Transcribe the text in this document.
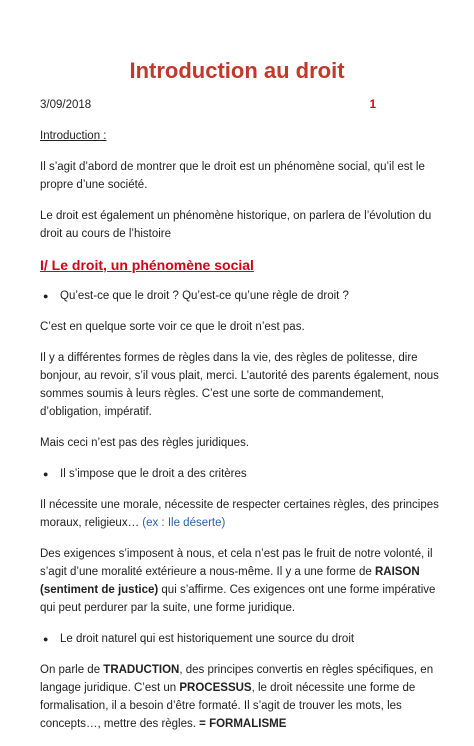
Introduction au droit
3/09/2018	1

Introduction :

Il s’agit d’abord de montrer que le droit est un phénomène social, qu’il est le propre d’une société.

Le droit est également un phénomène historique, on parlera de l’évolution du droit au cours de l’histoire

I/ Le droit, un phénomène social
● Qu’est-ce que le droit ? Qu’est-ce qu’une règle de droit ?

C’est en quelque sorte voir ce que le droit n’est pas.

Il y a différentes formes de règles dans la vie, des règles de politesse, dire bonjour, au revoir, s’il vous plait, merci. L’autorité des parents également, nous sommes soumis à leurs règles. C’est une sorte de commandement, d’obligation, impératif.

Mais ceci n’est pas des règles juridiques.

● Il s’impose que le droit a des critères

Il nécessite une morale, nécessite de respecter certaines règles, des principes moraux, religieux… (ex : Ile déserte)

Des exigences s’imposent à nous, et cela n’est pas le fruit de notre volonté, il s’agit d’une moralité extérieure a nous-même. Il y a une forme de RAISON
(sentiment de justice) qui s’affirme. Ces exigences ont une forme impérative qui peut perdurer par la suite, une forme juridique.

● Le droit naturel qui est historiquement une source du droit

On parle de TRADUCTION, des principes convertis en règles spécifiques, en langage juridique. C’est un PROCESSUS, le droit nécessite une forme de formalisation, il a besoin d’être formaté. Il s’agit de trouver les mots, les concepts…, mettre des règles. = FORMALISME
